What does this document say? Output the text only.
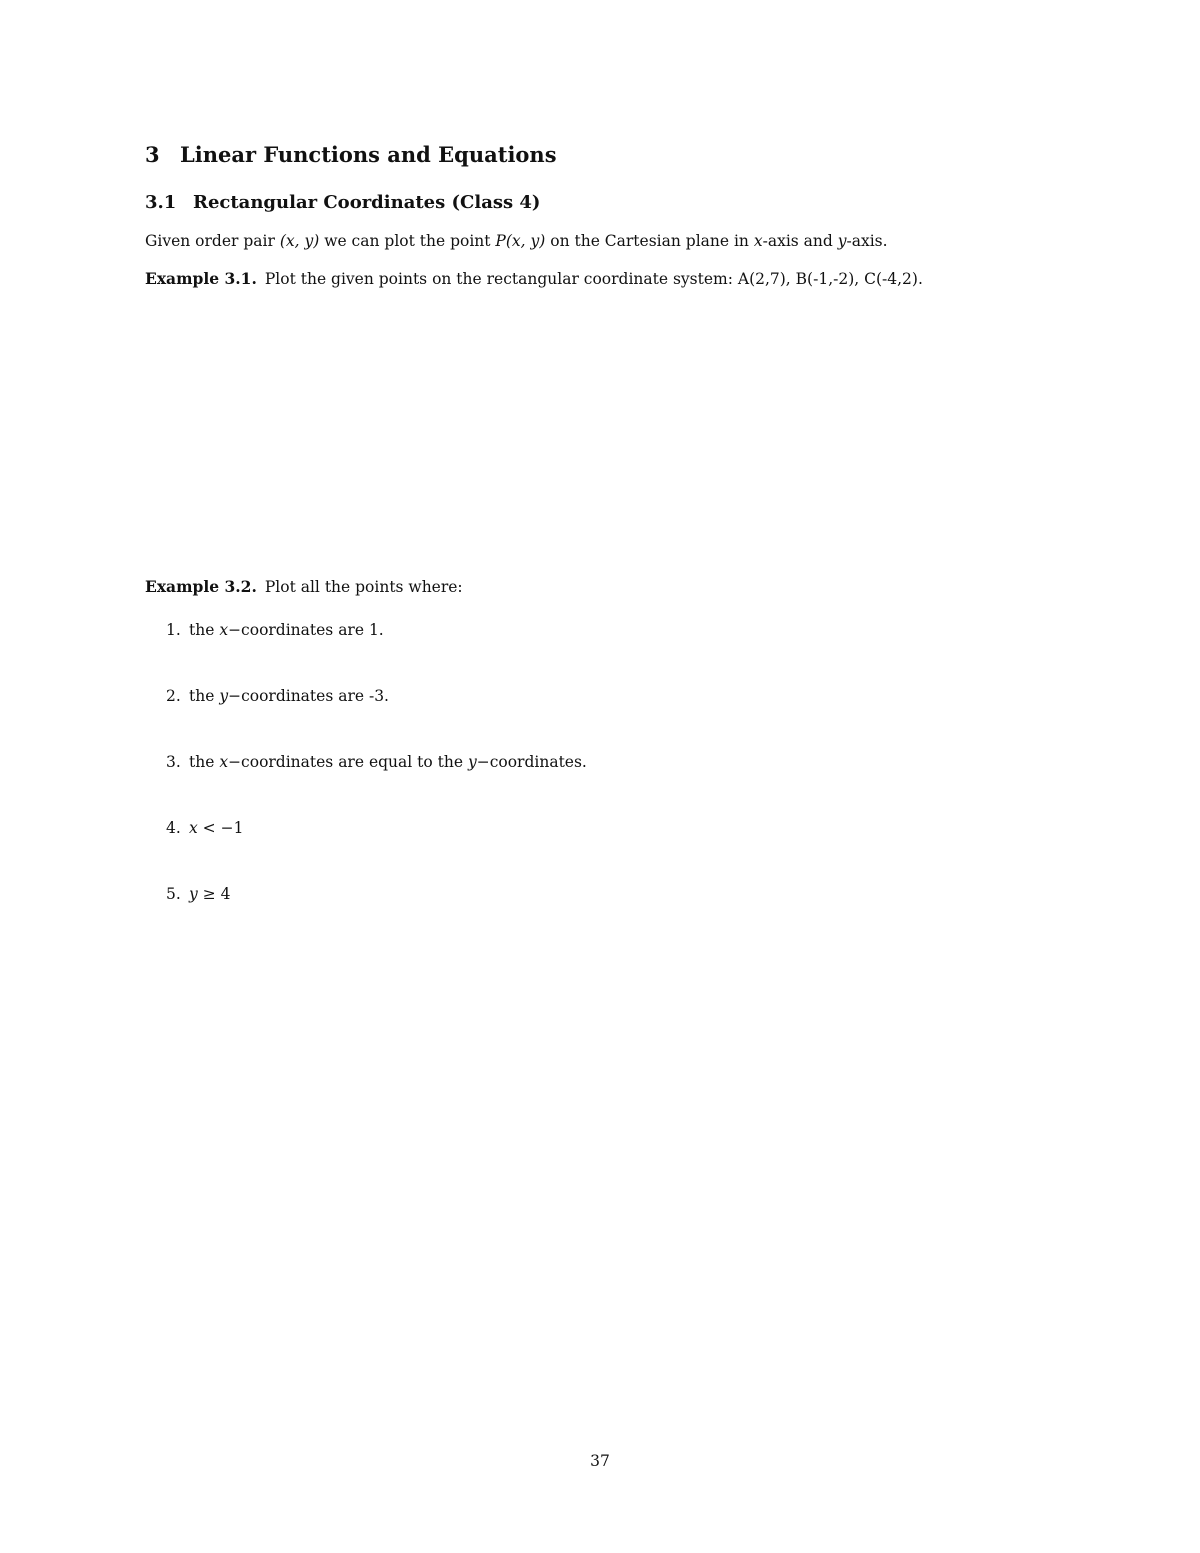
3 Linear Functions and Equations
3.1 Rectangular Coordinates (Class 4)
Given order pair (x, y) we can plot the point P(x, y) on the Cartesian plane in x-axis and y-axis.
Example 3.1. Plot the given points on the rectangular coordinate system: A(2,7), B(-1,-2), C(-4,2).
Example 3.2. Plot all the points where:
1. the x−coordinates are 1.
2. the y−coordinates are -3.
3. the x−coordinates are equal to the y−coordinates.
4. x < −1
5. y ≥ 4
37
